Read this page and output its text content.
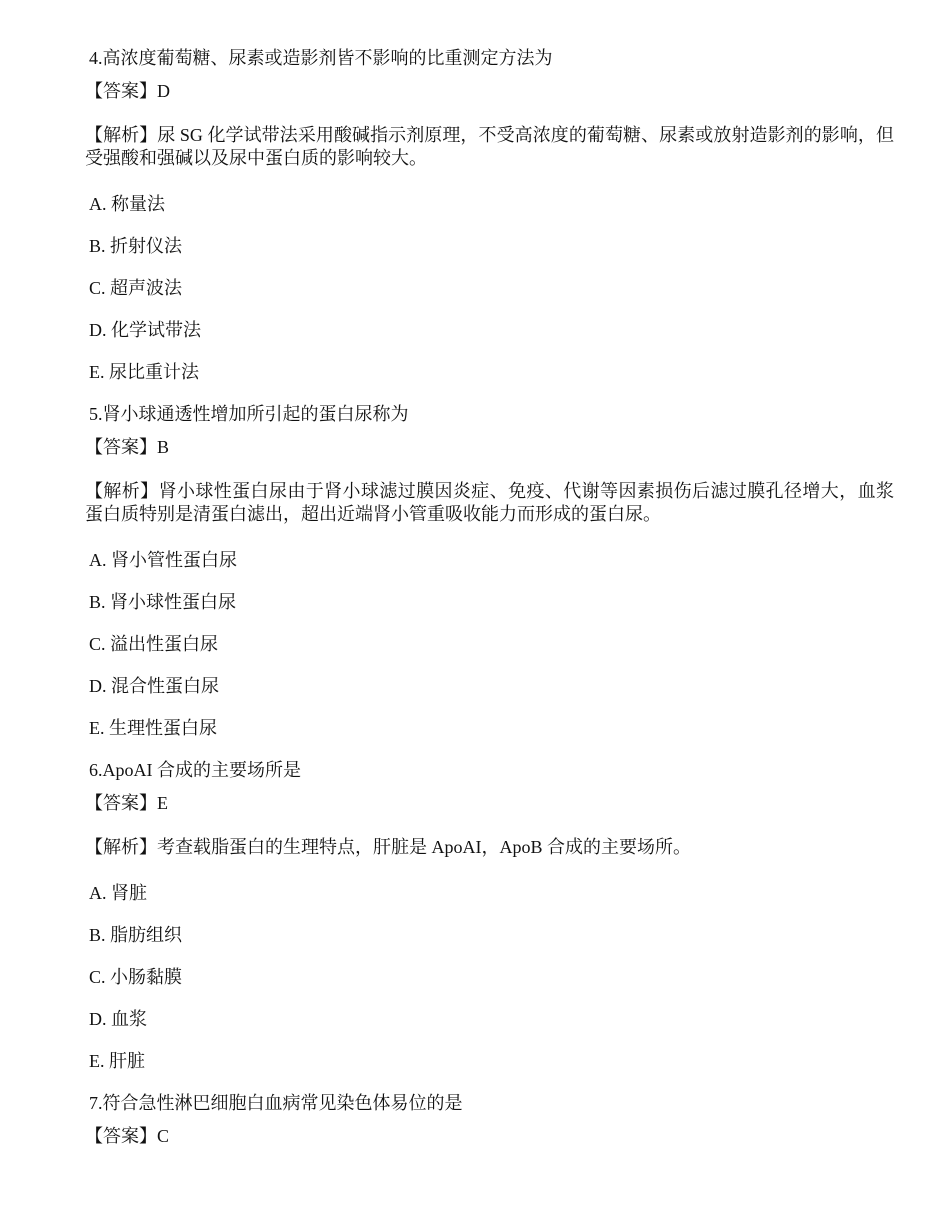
4.高浓度葡萄糖、尿素或造影剂皆不影响的比重测定方法为

【答案】D

【解析】尿 SG 化学试带法采用酸碱指示剂原理，不受高浓度的葡萄糖、尿素或放射造影剂的影响，但受强酸和强碱以及尿中蛋白质的影响较大。

A. 称量法
B. 折射仪法
C. 超声波法
D. 化学试带法
E. 尿比重计法

5.肾小球通透性增加所引起的蛋白尿称为

【答案】B

【解析】肾小球性蛋白尿由于肾小球滤过膜因炎症、免疫、代谢等因素损伤后滤过膜孔径增大，血浆蛋白质特别是清蛋白滤出，超出近端肾小管重吸收能力而形成的蛋白尿。

A. 肾小管性蛋白尿
B. 肾小球性蛋白尿
C. 溢出性蛋白尿
D. 混合性蛋白尿
E. 生理性蛋白尿

6.ApoAI 合成的主要场所是

【答案】E

【解析】考查载脂蛋白的生理特点，肝脏是 ApoAI，ApoB 合成的主要场所。

A. 肾脏
B. 脂肪组织
C. 小肠黏膜
D. 血浆
E. 肝脏

7.符合急性淋巴细胞白血病常见染色体易位的是

【答案】C
